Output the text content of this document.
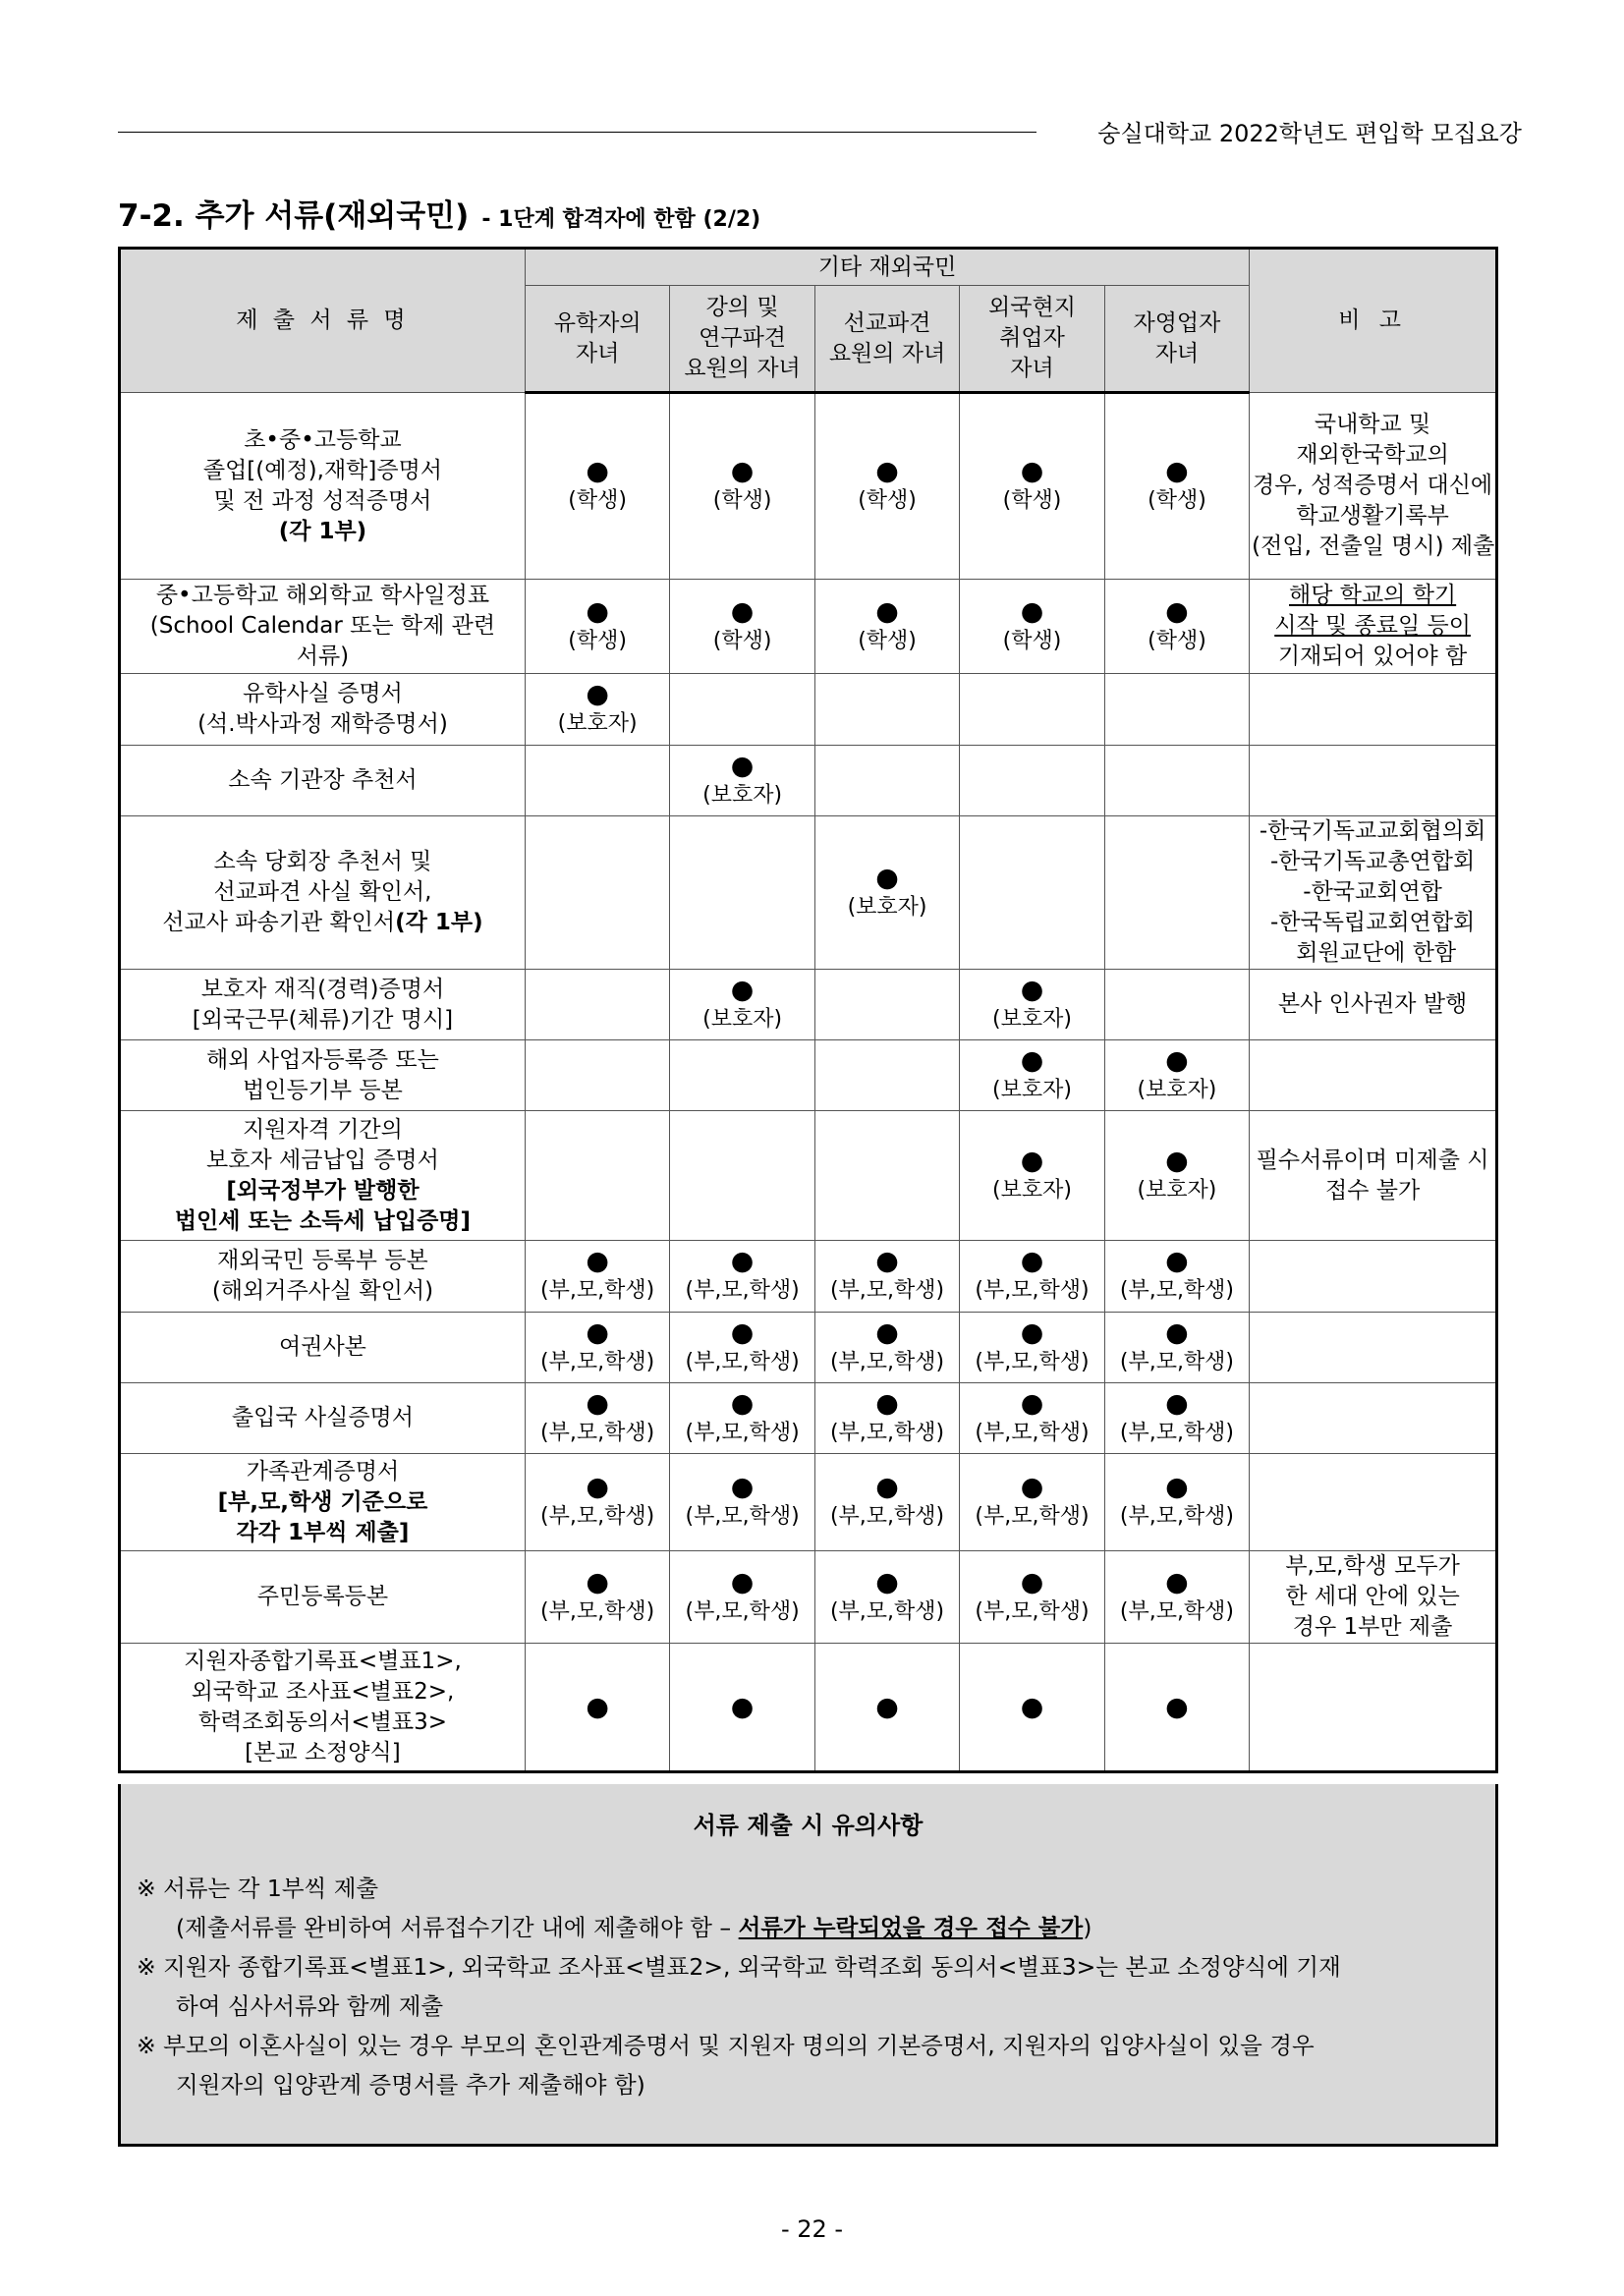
숭실대학교 2022학년도 편입학 모집요강
7-2. 추가 서류(재외국민) - 1단계 합격자에 한함 (2/2)
제 출 서 류 명	기타 재외국민					비 고

	유학자의
자녀	강의 및
연구파견
요원의 자녀	선교파견
요원의 자녀	외국현지
취업자
자녀	자영업자
자녀	

초•중•고등학교
졸업[(예정),재학]증명서
및 전 과정 성적증명서
(각 1부)	●
(학생)	●
(학생)	●
(학생)	●
(학생)	●
(학생)	국내학교 및
재외한국학교의
경우, 성적증명서 대신에
학교생활기록부
(전입, 전출일 명시) 제출

중•고등학교 해외학교 학사일정표
(School Calendar 또는 학제 관련
서류)	●
(학생)	●
(학생)	●
(학생)	●
(학생)	●
(학생)	해당 학교의 학기
시작 및 종료일 등이
기재되어 있어야 함

유학사실 증명서
(석.박사과정 재학증명서)	●
(보호자)					

소속 기관장 추천서		●
(보호자)				

소속 당회장 추천서 및
선교파견 사실 확인서,
선교사 파송기관 확인서(각 1부)			●
(보호자)			-한국기독교교회협의회
-한국기독교총연합회
-한국교회연합
-한국독립교회연합회
회원교단에 한함

보호자 재직(경력)증명서
[외국근무(체류)기간 명시]		●
(보호자)		●
(보호자)		본사 인사권자 발행

해외 사업자등록증 또는
법인등기부 등본				●
(보호자)	●
(보호자)	

지원자격 기간의
보호자 세금납입 증명서
[외국정부가 발행한
법인세 또는 소득세 납입증명]				●
(보호자)	●
(보호자)	필수서류이며 미제출 시
접수 불가

재외국민 등록부 등본
(해외거주사실 확인서)	●
(부,모,학생)	●
(부,모,학생)	●
(부,모,학생)	●
(부,모,학생)	●
(부,모,학생)	

여권사본	●
(부,모,학생)	●
(부,모,학생)	●
(부,모,학생)	●
(부,모,학생)	●
(부,모,학생)	

출입국 사실증명서	●
(부,모,학생)	●
(부,모,학생)	●
(부,모,학생)	●
(부,모,학생)	●
(부,모,학생)	

가족관계증명서
[부,모,학생 기준으로
각각 1부씩 제출]	●
(부,모,학생)	●
(부,모,학생)	●
(부,모,학생)	●
(부,모,학생)	●
(부,모,학생)	

주민등록등본	●
(부,모,학생)	●
(부,모,학생)	●
(부,모,학생)	●
(부,모,학생)	●
(부,모,학생)	부,모,학생 모두가
한 세대 안에 있는
경우 1부만 제출

지원자종합기록표<별표1>,
외국학교 조사표<별표2>,
학력조회동의서<별표3>
[본교 소정양식]	●	●	●	●	●	

서류 제출 시 유의사항

※ 서류는 각 1부씩 제출

(제출서류를 완비하여 서류접수기간 내에 제출해야 함 – 서류가 누락되었을 경우 접수 불가)

※ 지원자 종합기록표<별표1>, 외국학교 조사표<별표2>, 외국학교 학력조회 동의서<별표3>는 본교 소정양식에 기재

하여 심사서류와 함께 제출

※ 부모의 이혼사실이 있는 경우 부모의 혼인관계증명서 및 지원자 명의의 기본증명서, 지원자의 입양사실이 있을 경우

지원자의 입양관계 증명서를 추가 제출해야 함)

- 22 -
